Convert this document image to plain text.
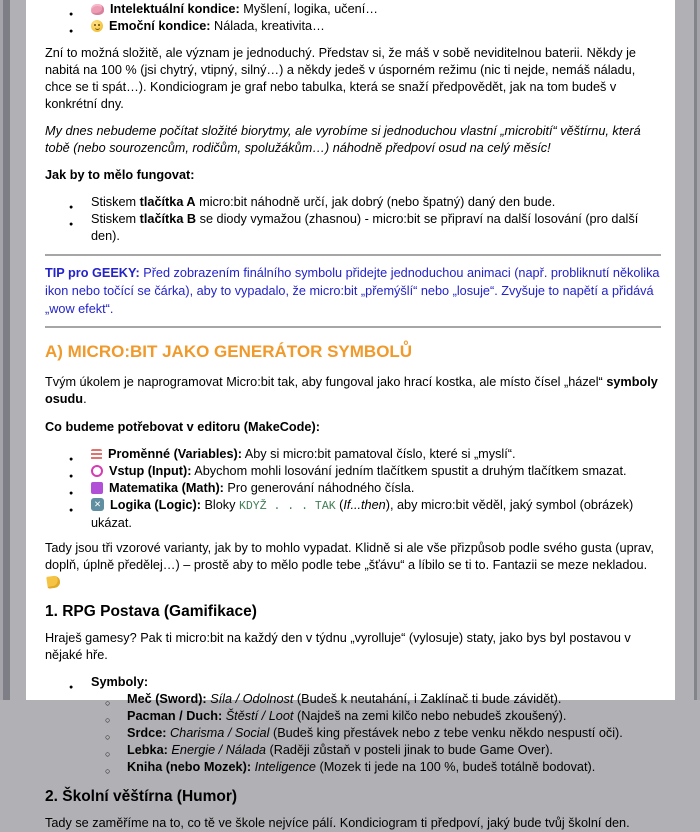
● Intelektuální kondice: Myšlení, logika, učení…
● Emoční kondice: Nálada, kreativita…

Zní to možná složitě, ale význam je jednoduchý. Představ si, že máš v sobě neviditelnou baterii. Někdy je nabitá na 100 % (jsi chytrý, vtipný, silný…) a někdy jedeš v úsporném režimu (nic ti nejde, nemáš náladu, chce se ti spát…). Kondiciogram je graf nebo tabulka, která se snaží předpovědět, jak na tom budeš v konkrétní dny.

My dnes nebudeme počítat složité biorytmy, ale vyrobíme si jednoduchou vlastní „microbití“ věštírnu, která tobě (nebo sourozencům, rodičům, spolužákům…) náhodně předpoví osud na celý měsíc!

Jak by to mělo fungovat:

● Stiskem tlačítka A micro:bit náhodně určí, jak dobrý (nebo špatný) daný den bude.
● Stiskem tlačítka B se diody vymažou (zhasnou) - micro:bit se připraví na další losování (pro další den).

TIP pro GEEKY: Před zobrazením finálního symbolu přidejte jednoduchou animaci (např. probliknutí několika ikon nebo točící se čárka), aby to vypadalo, že micro:bit „přemýšlí“ nebo „losuje“. Zvyšuje to napětí a přidává „wow efekt“.

A) MICRO:BIT JAKO GENERÁTOR SYMBOLŮ

Tvým úkolem je naprogramovat Micro:bit tak, aby fungoval jako hrací kostka, ale místo čísel „házel“ symboly osudu.

Co budeme potřebovat v editoru (MakeCode):

● Proměnné (Variables): Aby si micro:bit pamatoval číslo, které si „myslí“.
● Vstup (Input): Abychom mohli losování jedním tlačítkem spustit a druhým tlačítkem smazat.
● Matematika (Math): Pro generování náhodného čísla.
✕● Logika (Logic): Bloky KDYŽ . . . TAK (If...then), aby micro:bit věděl, jaký symbol (obrázek) ukázat.

Tady jsou tři vzorové varianty, jak by to mohlo vypadat. Klidně si ale vše přizpůsob podle svého gusta (uprav, doplň, úplně předělej…) – prostě aby to mělo podle tebe „šťávu“ a líbilo se ti to. Fantazii se meze nekladou.

1. RPG Postava (Gamifikace)

Hraješ gamesy? Pak ti micro:bit na každý den v týdnu „vyrolluje“ (vylosuje) staty, jako bys byl postavou v nějaké hře.

● Symboly:
○ Meč (Sword): Síla / Odolnost (Budeš k neutahání, i Zaklínač ti bude závidět).
○ Pacman / Duch: Štěstí / Loot (Najdeš na zemi kilčo nebo nebudeš zkoušený).
○ Srdce: Charisma / Social (Budeš king přestávek nebo z tebe venku někdo nespustí oči).
○ Lebka: Energie / Nálada (Raději zůstaň v posteli jinak to bude Game Over).
○ Kniha (nebo Mozek): Inteligence (Mozek ti jede na 100 %, budeš totálně bodovat).
2. Školní věštírna (Humor)

Tady se zaměříme na to, co tě ve škole nejvíce pálí. Kondiciogram ti předpoví, jaký bude tvůj školní den.
